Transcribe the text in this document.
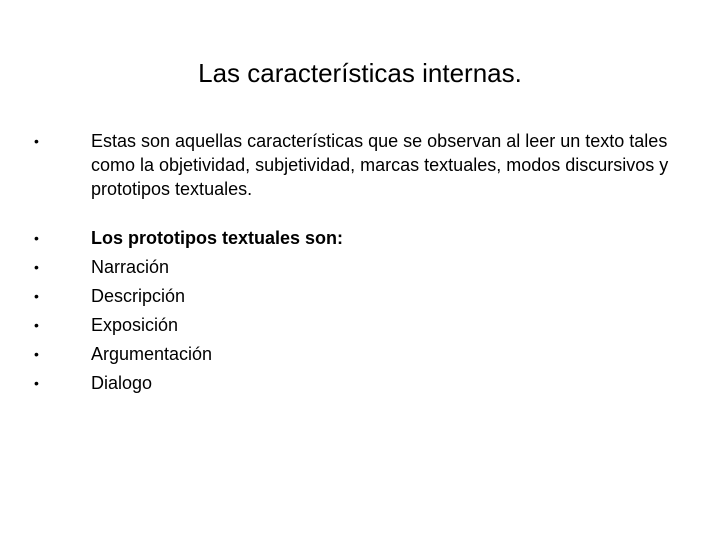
Las características internas.
•	Estas son aquellas características que se observan al leer un texto tales como la objetividad, subjetividad, marcas textuales, modos discursivos y prototipos textuales.
•	Los prototipos textuales son:
•	Narración
•	Descripción
•	Exposición
•	Argumentación
•	Dialogo
